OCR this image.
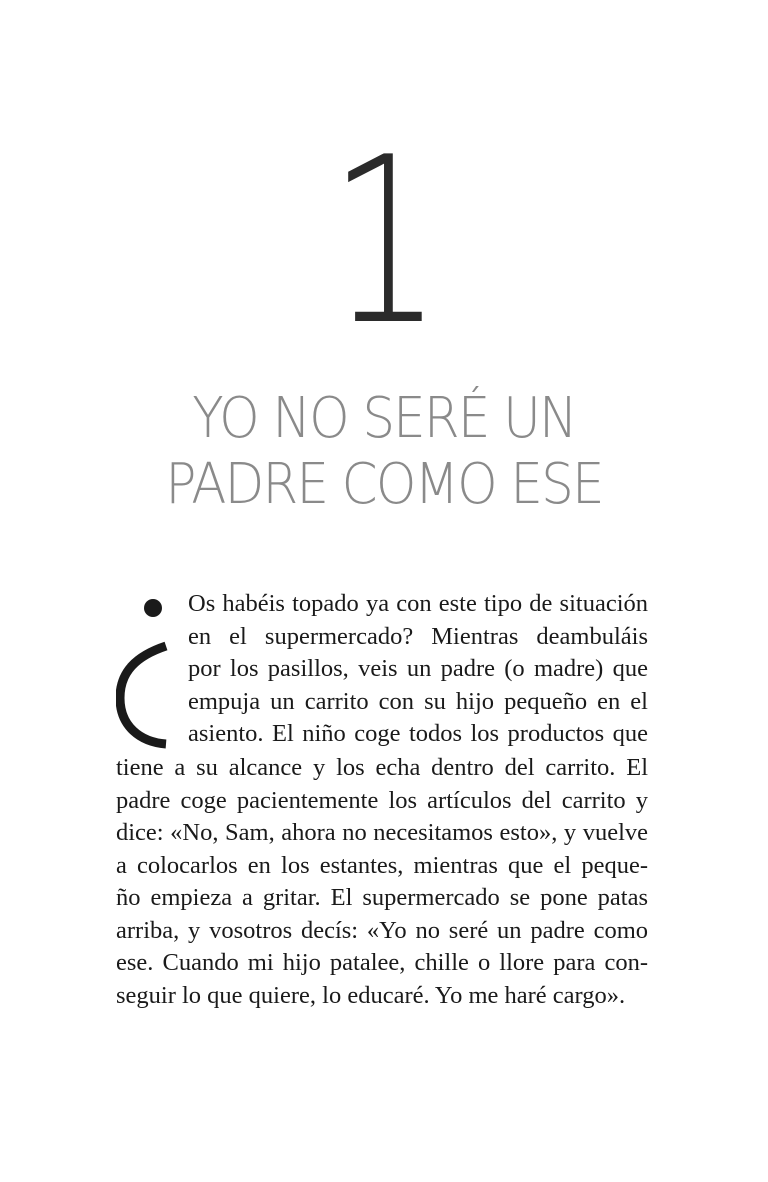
1
YO NO SERÉ UN
PADRE COMO ESE
Os habéis topado ya con este tipo de situación
en el supermercado? Mientras deambuláis
por los pasillos, veis un padre (o madre) que
empuja un carrito con su hijo pequeño en el
asiento. El niño coge todos los productos que
tiene a su alcance y los echa dentro del carrito. El
padre coge pacientemente los artículos del carrito y
dice: «No, Sam, ahora no necesitamos esto», y vuelve
a colocarlos en los estantes, mientras que el peque-
ño empieza a gritar. El supermercado se pone patas
arriba, y vosotros decís: «Yo no seré un padre como
ese. Cuando mi hijo patalee, chille o llore para con-
seguir lo que quiere, lo educaré. Yo me haré cargo».
